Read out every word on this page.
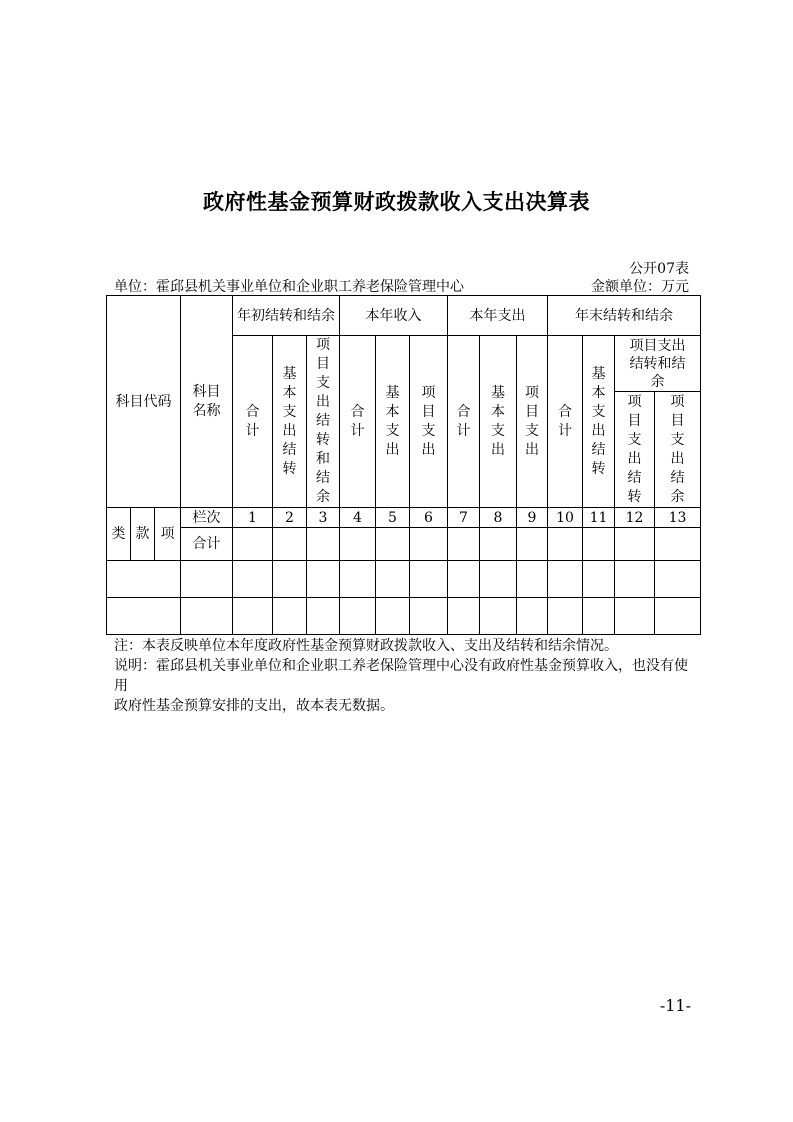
政府性基金预算财政拨款收入支出决算表
公开07表
单位：霍邱县机关事业单位和企业职工养老保险管理中心	金额单位：万元
科目代码			科目名称	年初结转和结余			本年收入			本年支出			年末结转和结余			
				合计	基本支出结转	项目支出结转和结余	合计	基本支出	项目支出	合计	基本支出	项目支出	合计	基本支出结转	项目支出结转和结余	
															项目支出结转	项目支出结余
类	款	项	栏次	1	2	3	4	5	6	7	8	9	10	11	12	13
			合计													

注：本表反映单位本年度政府性基金预算财政拨款收入、支出及结转和结余情况。

说明：霍邱县机关事业单位和企业职工养老保险管理中心没有政府性基金预算收入，也没有使用

政府性基金预算安排的支出，故本表无数据。

-11-
